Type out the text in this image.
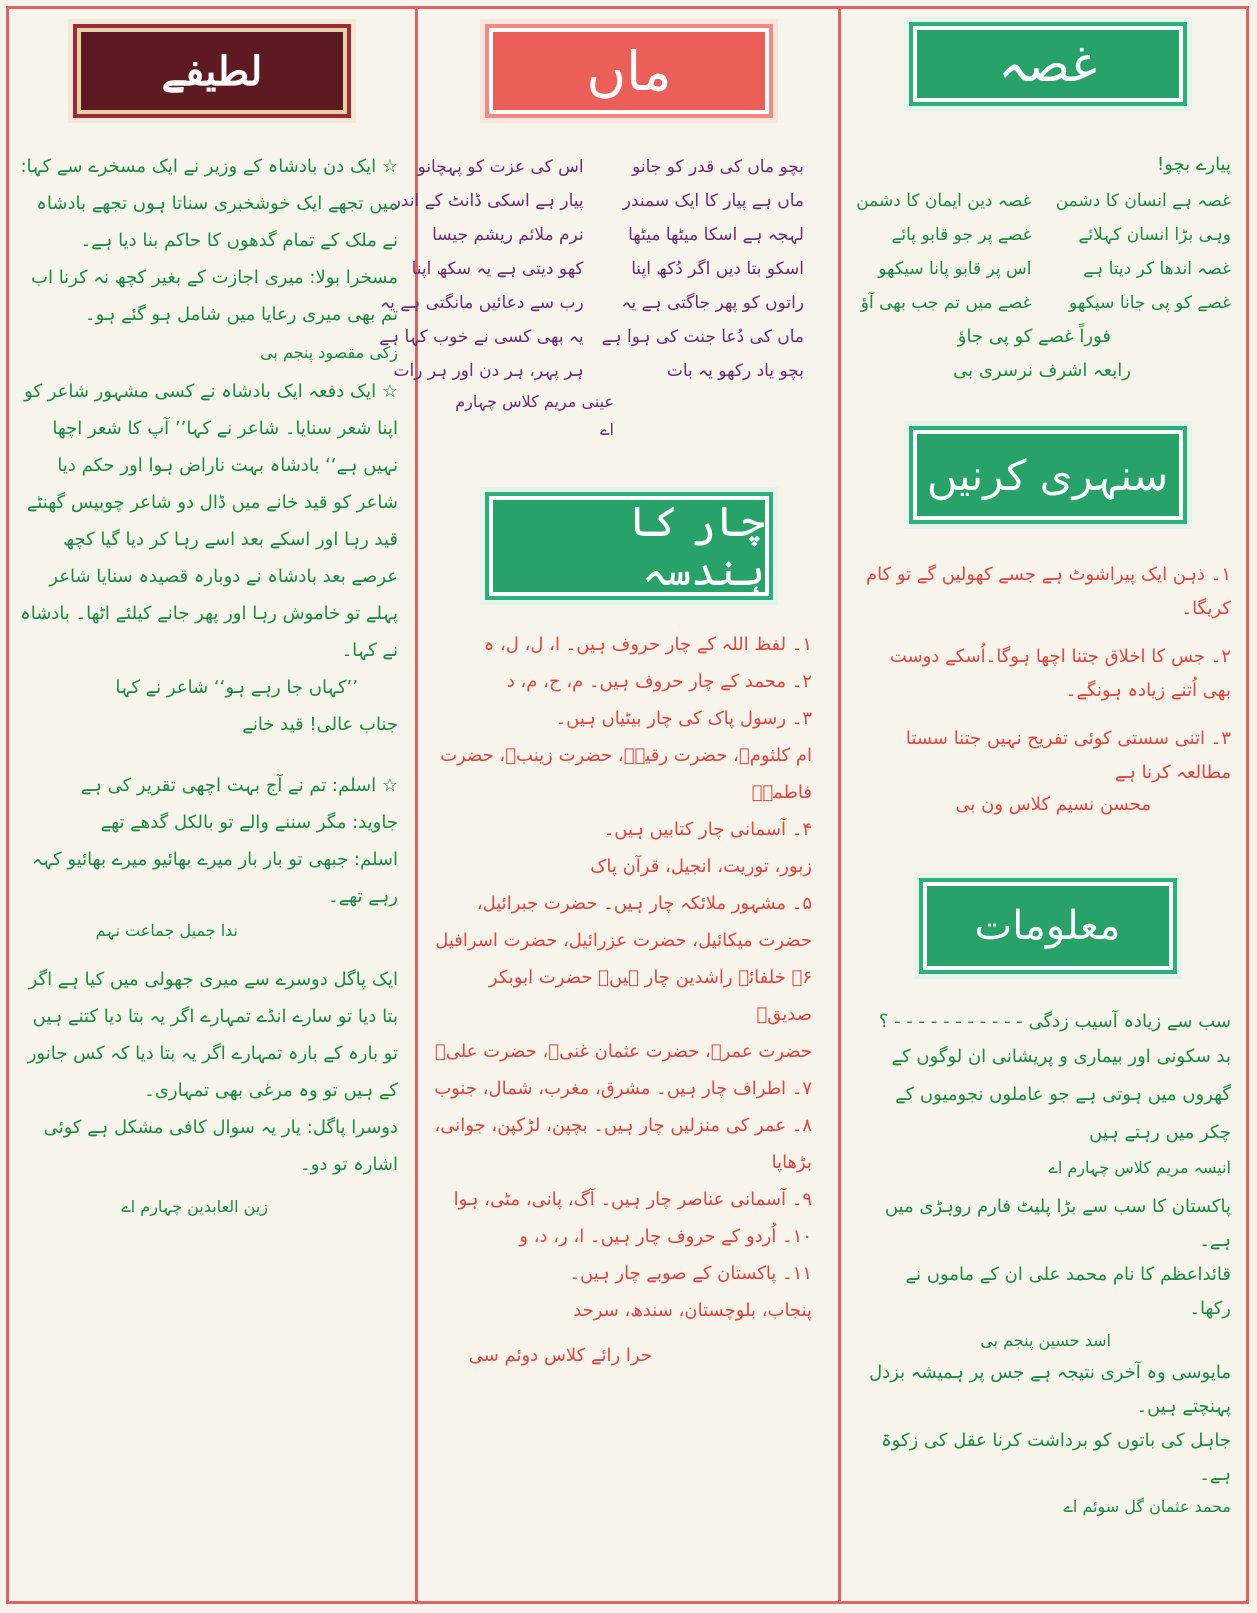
غصہ
پیارے بچو!
غصہ ہے انسان کا دشمن
غصہ دین ایمان کا دشمن
وہی بڑا انسان کہلائے
غصے پر جو قابو پائے
غصہ اندھا کر دیتا ہے
اس پر قابو پانا سیکھو
غصے کو پی جانا سیکھو
غصے میں تم جب بھی آؤ
فوراً غصے کو پی جاؤ
رابعہ اشرف نرسری بی
سنہری کرنیں
۱۔ ذہن ایک پیراشوٹ ہے جسے کھولیں گے تو کام کریگا۔
۲۔ جس کا اخلاق جتنا اچھا ہوگا۔اُسکے دوست بھی اُتنے زیادہ ہونگے۔
۳۔ اتنی سستی کوئی تفریح نہیں جتنا سستا مطالعہ کرنا ہے
محسن نسیم کلاس ون بی
معلومات
سب سے زیادہ آسیب زدگی - - - - - - - - - - - ؟
بد سکونی اور بیماری و پریشانی ان لوگوں کے گھروں میں ہوتی ہے جو عاملوں نجومیوں کے چکر میں رہتے ہیں
انیسہ مریم کلاس چہارم اے
پاکستان کا سب سے بڑا پلیٹ فارم روہڑی میں ہے۔
قائداعظم کا نام محمد علی ان کے ماموں نے رکھا۔
اسد حسین پنجم بی
مایوسی وہ آخری نتیجہ ہے جس پر ہمیشہ بزدل پہنچتے ہیں۔
جاہل کی باتوں کو برداشت کرنا عقل کی زکوۃ ہے۔
محمد عثمان گل سوئم اے
ماں
بچو ماں کی قدر کو جانو
اس کی عزت کو پہچانو
ماں ہے پیار کا ایک سمندر
پیار ہے اسکی ڈانٹ کے اندر
لہجہ ہے اسکا میٹھا میٹھا
نرم ملائم ریشم جیسا
اسکو بتا دیں اگر دُکھ اپنا
کھو دیتی ہے یہ سکھ اپنا
راتوں کو پھر جاگتی ہے یہ
رب سے دعائیں مانگتی ہے یہ
ماں کی دُعا جنت کی ہوا ہے
یہ بھی کسی نے خوب کہا ہے
بچو یاد رکھو یہ بات
ہر پہر، ہر دن اور ہر رات
عینی مریم کلاس چہارم اے
چار کا ہندسہ
۱۔ لفظ اللہ کے چار حروف ہیں۔ ا، ل، ل، ہ
۲۔ محمد کے چار حروف ہیں۔ م، ح، م، د
۳۔ رسول پاک کی چار بیٹیاں ہیں۔
ام کلثومؓ، حضرت رقیہؓ، حضرت زینبؓ، حضرت فاطمہؓ
۴۔ آسمانی چار کتابیں ہیں۔
زبور، توریت، انجیل، قرآن پاک
۵۔ مشہور ملائکہ چار ہیں۔ حضرت جبرائیل،
حضرت میکائیل، حضرت عزرائیل، حضرت اسرافیل
۶۔ خلفائے راشدین چار ہیں۔ حضرت ابوبکر صدیقؓ
حضرت عمرؓ، حضرت عثمان غنیؓ، حضرت علیؓ
۷۔ اطراف چار ہیں۔ مشرق، مغرب، شمال، جنوب
۸۔ عمر کی منزلیں چار ہیں۔ بچپن، لڑکپن، جوانی، بڑھاپا
۹۔ آسمانی عناصر چار ہیں۔ آگ، پانی، مٹی، ہوا
۱۰۔ اُردو کے حروف چار ہیں۔ ا، ر، د، و
۱۱۔ پاکستان کے صوبے چار ہیں۔
پنجاب، بلوچستان، سندھ، سرحد
حرا رائے کلاس دوئم سی
لطیفے
☆ ایک دن بادشاہ کے وزیر نے ایک مسخرے سے کہا: میں تجھے ایک خوشخبری سناتا ہوں تجھے بادشاہ نے ملک کے تمام گدھوں کا حاکم بنا دیا ہے۔
مسخرا بولا: میری اجازت کے بغیر کچھ نہ کرنا اب تم بھی میری رعایا میں شامل ہو گئے ہو۔
زکی مقصود پنجم بی
☆ ایک دفعہ ایک بادشاہ نے کسی مشہور شاعر کو اپنا شعر سنایا۔ شاعر نے کہا’’ آپ کا شعر اچھا نہیں ہے‘‘ بادشاہ بہت ناراض ہوا اور حکم دیا شاعر کو قید خانے میں ڈال دو شاعر چوبیس گھنٹے قید رہا اور اسکے بعد اسے رہا کر دیا گیا کچھ عرصے بعد بادشاہ نے دوبارہ قصیدہ سنایا شاعر پہلے تو خاموش رہا اور پھر جانے کیلئے اٹھا۔ بادشاہ نے کہا۔
’’کہاں جا رہے ہو‘‘ شاعر نے کہا
جناب عالی! قید خانے
☆ اسلم: تم نے آج بہت اچھی تقریر کی ہے
جاوید: مگر سننے والے تو بالکل گدھے تھے
اسلم: جبھی تو بار بار میرے بھائیو میرے بھائیو کہہ رہے تھے۔
ندا جمیل جماعت نہم
ایک پاگل دوسرے سے میری جھولی میں کیا ہے اگر بتا دیا تو سارے انڈے تمہارے اگر یہ بتا دیا کتنے ہیں تو بارہ کے بارہ تمہارے اگر یہ بتا دیا کہ کس جانور کے ہیں تو وہ مرغی بھی تمہاری۔
دوسرا پاگل: یار یہ سوال کافی مشکل ہے کوئی اشارہ تو دو۔
زین العابدین چہارم اے
